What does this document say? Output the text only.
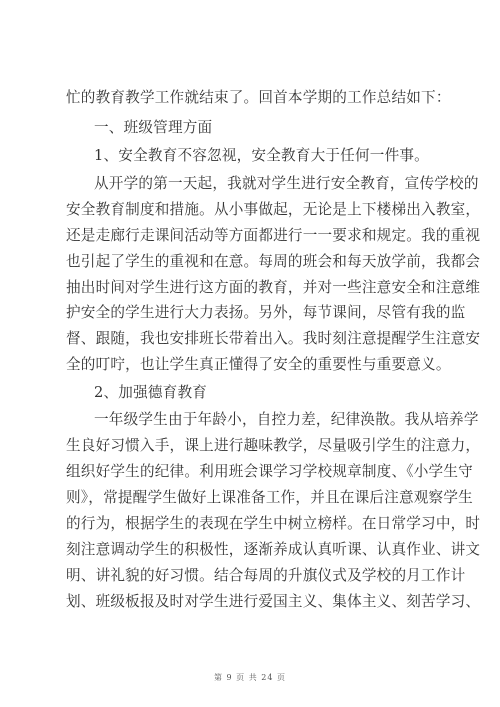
忙的教育教学工作就结束了。回首本学期的工作总结如下：
一、班级管理方面
1、安全教育不容忽视，安全教育大于任何一件事。
从开学的第一天起，我就对学生进行安全教育，宣传学校的
安全教育制度和措施。从小事做起，无论是上下楼梯出入教室，
还是走廊行走课间活动等方面都进行一一要求和规定。我的重视
也引起了学生的重视和在意。每周的班会和每天放学前，我都会
抽出时间对学生进行这方面的教育，并对一些注意安全和注意维
护安全的学生进行大力表扬。另外，每节课间，尽管有我的监
督、跟随，我也安排班长带着出入。我时刻注意提醒学生注意安
全的叮咛，也让学生真正懂得了安全的重要性与重要意义。
2、加强德育教育
一年级学生由于年龄小，自控力差，纪律涣散。我从培养学
生良好习惯入手，课上进行趣味教学，尽量吸引学生的注意力，
组织好学生的纪律。利用班会课学习学校规章制度、《小学生守
则》，常提醒学生做好上课准备工作，并且在课后注意观察学生
的行为，根据学生的表现在学生中树立榜样。在日常学习中，时
刻注意调动学生的积极性，逐渐养成认真听课、认真作业、讲文
明、讲礼貌的好习惯。结合每周的升旗仪式及学校的月工作计
划、班级板报及时对学生进行爱国主义、集体主义、刻苦学习、
第 9 页 共 24 页
